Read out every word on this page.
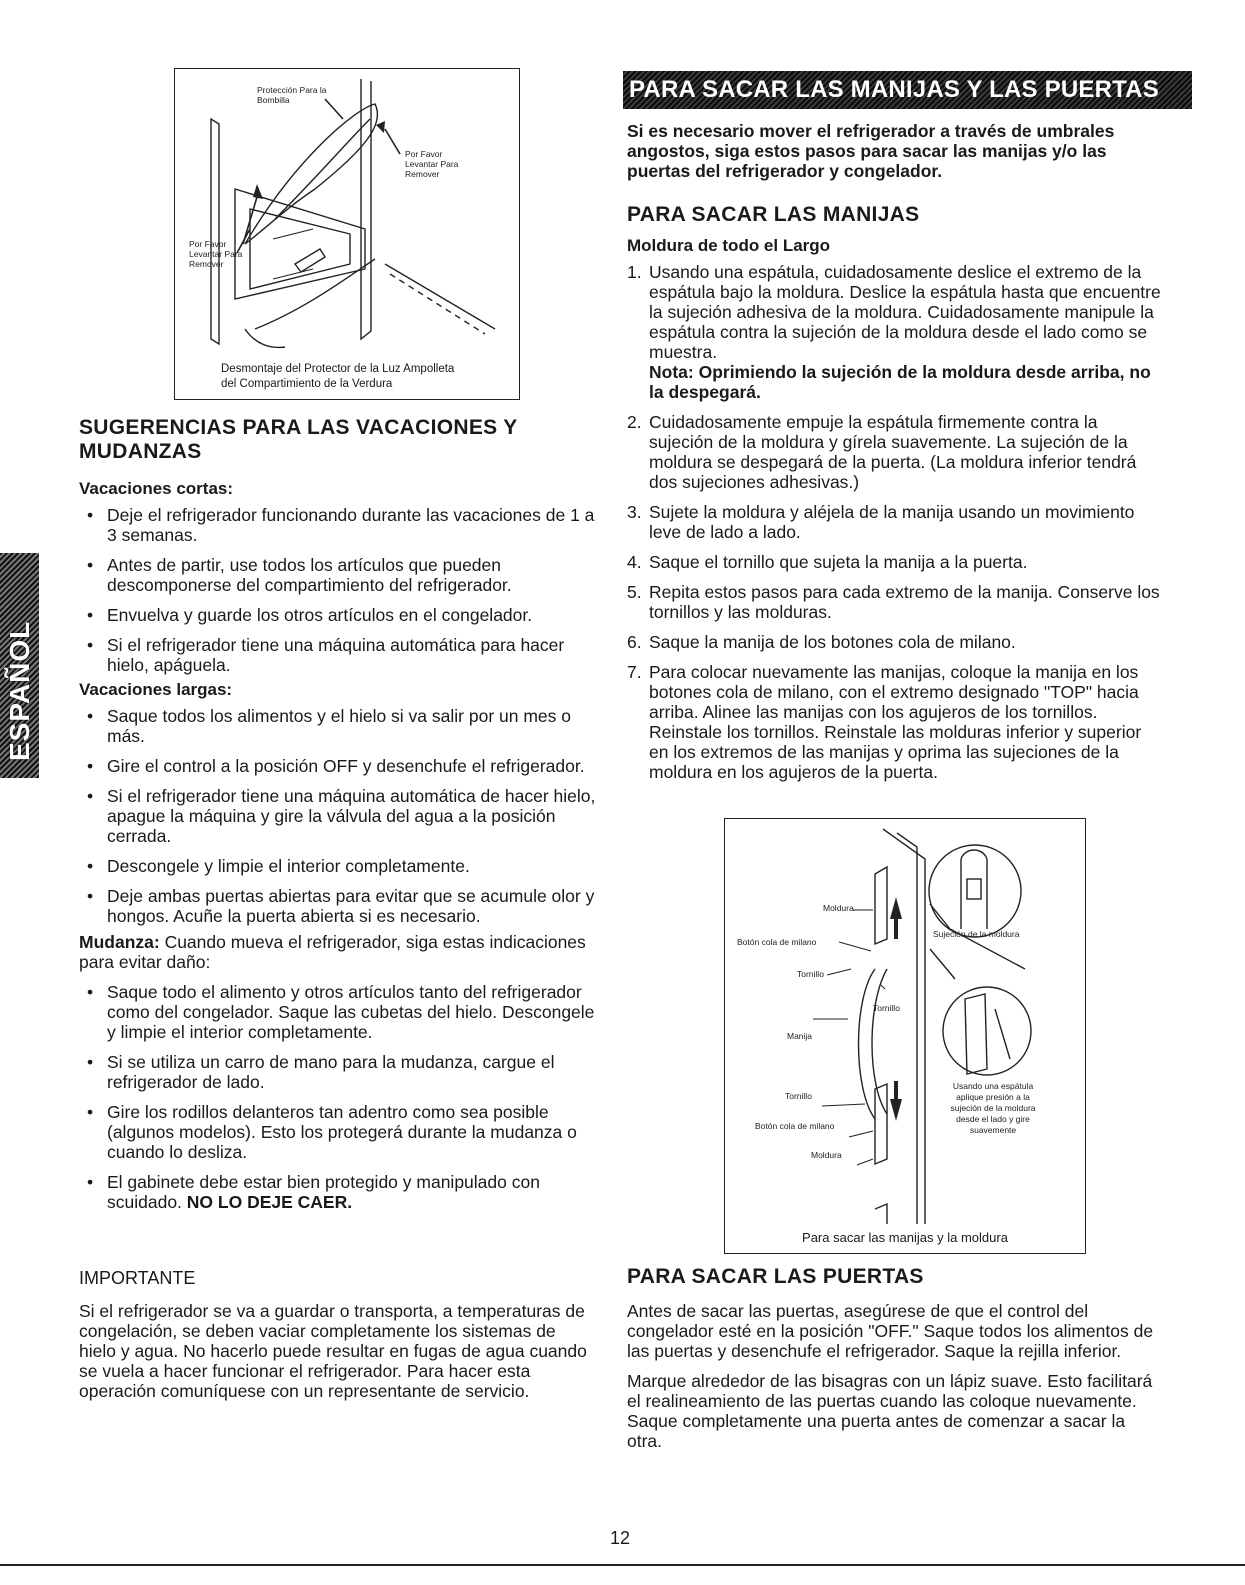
Protección Para la Bombilla
Por Favor Levantar Para Remover
Por Favor Levantar Para Remover
Desmontaje del Protector de la Luz Ampolleta
del Compartimiento de la Verdura
ESPAÑOL
SUGERENCIAS PARA LAS VACACIONES Y MUDANZAS
Vacaciones cortas:
• Deje el refrigerador funcionando durante las vacaciones de 1 a 3 semanas.
• Antes de partir, use todos los artículos que pueden descomponerse del compartimiento del refrigerador.
• Envuelva y guarde los otros artículos en el congelador.
• Si el refrigerador tiene una máquina automática para hacer hielo, apáguela.
Vacaciones largas:
• Saque todos los alimentos y el hielo si va salir por un mes o más.
• Gire el control a la posición OFF y desenchufe el refrigerador.
• Si el refrigerador tiene una máquina automática de hacer hielo, apague la máquina y gire la válvula del agua a la posición cerrada.
• Descongele y limpie el interior completamente.
• Deje ambas puertas abiertas para evitar que se acumule olor y hongos. Acuñe la puerta abierta si es necesario.

Mudanza: Cuando mueva el refrigerador, siga estas indicaciones para evitar daño:

• Saque todo el alimento y otros artículos tanto del refrigerador como del congelador. Saque las cubetas del hielo. Descongele y limpie el interior completamente.
• Si se utiliza un carro de mano para la mudanza, cargue el refrigerador de lado.
• Gire los rodillos delanteros tan adentro como sea posible (algunos modelos). Esto los protegerá durante la mudanza o cuando lo desliza.
• El gabinete debe estar bien protegido y manipulado con scuidado. NO LO DEJE CAER.
IMPORTANTE

Si el refrigerador se va a guardar o transporta, a temperaturas de congelación, se deben vaciar completamente los sistemas de hielo y agua. No hacerlo puede resultar en fugas de agua cuando se vuela a hacer funcionar el refrigerador. Para hacer esta operación comuníquese con un representante de servicio.

PARA SACAR LAS MANIJAS Y LAS PUERTAS

Si es necesario mover el refrigerador a través de umbrales angostos, siga estos pasos para sacar las manijas y/o las puertas del refrigerador y congelador.

PARA SACAR LAS MANIJAS
Moldura de todo el Largo
1. Usando una espátula, cuidadosamente deslice el extremo de la espátula bajo la moldura. Deslice la espátula hasta que encuentre la sujeción adhesiva de la moldura. Cuidadosamente manipule la espátula contra la sujeción de la moldura desde el lado como se muestra.
Nota: Oprimiendo la sujeción de la moldura desde arriba, no la despegará.
2. Cuidadosamente empuje la espátula firmemente contra la sujeción de la moldura y gírela suavemente. La sujeción de la moldura se despegará de la puerta. (La moldura inferior tendrá dos sujeciones adhesivas.)
3. Sujete la moldura y aléjela de la manija usando un movimiento leve de lado a lado.
4. Saque el tornillo que sujeta la manija a la puerta.
5. Repita estos pasos para cada extremo de la manija. Conserve los tornillos y las molduras.
6. Saque la manija de los botones cola de milano.
7. Para colocar nuevamente las manijas, coloque la manija en los botones cola de milano, con el extremo designado "TOP" hacia arriba. Alinee las manijas con los agujeros de los tornillos. Reinstale los tornillos. Reinstale las molduras inferior y superior en los extremos de las manijas y oprima las sujeciones de la moldura en los agujeros de la puerta.
Moldura
Botón cola de milano
Tornillo
Tornillo
Manija
Tornillo
Botón cola de milano
Moldura
Sujeción de la moldura
Usando una espátula aplique presión a la sujeción de la moldura desde el lado y gire suavemente
Para sacar las manijas y la moldura
PARA SACAR LAS PUERTAS

Antes de sacar las puertas, asegúrese de que el control del congelador esté en la posición "OFF." Saque todos los alimentos de las puertas y desenchufe el refrigerador. Saque la rejilla inferior.

Marque alrededor de las bisagras con un lápiz suave. Esto facilitará el realineamiento de las puertas cuando las coloque nuevamente. Saque completamente una puerta antes de comenzar a sacar la otra.

12
